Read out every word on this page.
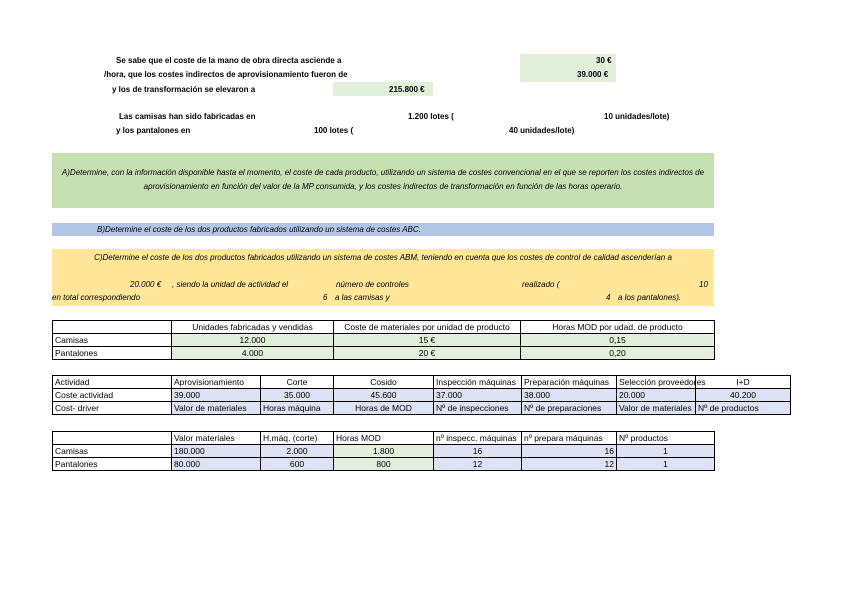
Se sabe que el coste de la mano de obra directa asciende a	30 €
/hora, que los costes indirectos de aprovisionamiento fueron de	39.000 €
y los de transformación se elevaron a	215.800 €
Las camisas han sido fabricadas en	1.200 lotes (	10 unidades/lote)
y los pantalones en	100 lotes (	40 unidades/lote)
A)Determine, con la información disponible hasta el momento, el coste de cada producto, utilizando un sistema de costes convencional en el que se reporten los costes indirectos de aprovisionamiento en función del valor de la MP consumida, y los costes indirectos de transformación en función de las horas operario.
B)Determine el coste de los dos productos fabricados utilizando un sistema de costes ABC.
C)Determine el coste de los dos productos fabricados utilizando un sistema de costes ABM, teniendo en cuenta que los costes de control de calidad ascenderían a
20.000 € , siendo la unidad de actividad el	número de controles	realizado (	10
en total correspondiendo	6 a las camisas y	4 a los pantalones).
	Unidades fabricadas y vendidas	Coste de materiales por unidad de producto	Horas MOD por udad. de producto
Camisas	12.000	15 €	0,15
Pantalones	4.000	20 €	0,20
Actividad	Aprovisionamiento	Corte	Cosido	Inspección máquinas	Preparación máquinas	Selección proveedores	I+D
Coste actividad	39.000	35.000	45.600	37.000	38.000	20.000	40.200
Cost- driver	Valor de materiales	Horas máquina	Horas de MOD	Nº de inspecciones	Nº de preparaciones	Valor de materiales	Nº de productos
	Valor materiales	H.máq. (corte)	Horas MOD	nº inspecc. máquinas	nº prepara máquinas	Nº productos
Camisas	180.000	2.000	1.800	16	16	1
Pantalones	80.000	600	800	12	12	1
